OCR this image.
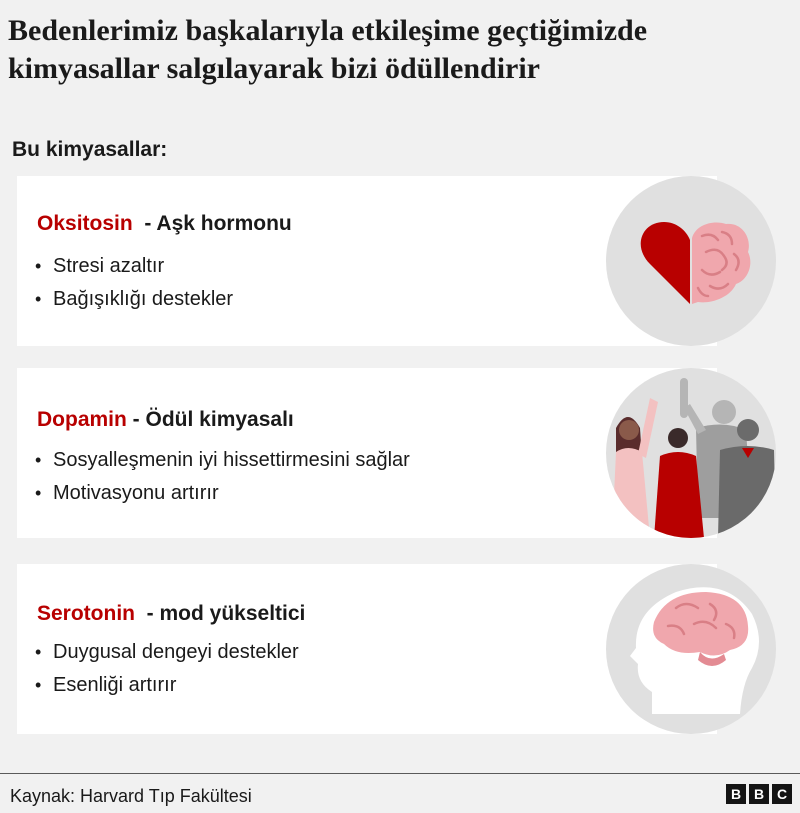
Bedenlerimiz başkalarıyla etkileşime geçtiğimizde kimyasallar salgılayarak bizi ödüllendirir
Bu kimyasallar:
Oksitosin  - Aşk hormonu
• Stresi azaltır
• Bağışıklığı destekler
Dopamin - Ödül kimyasalı
• Sosyalleşmenin iyi hissettirmesini sağlar
• Motivasyonu artırır
Serotonin  - mod yükseltici
• Duygusal dengeyi destekler
• Esenliği artırır
Kaynak: Harvard Tıp Fakültesi	B B C
